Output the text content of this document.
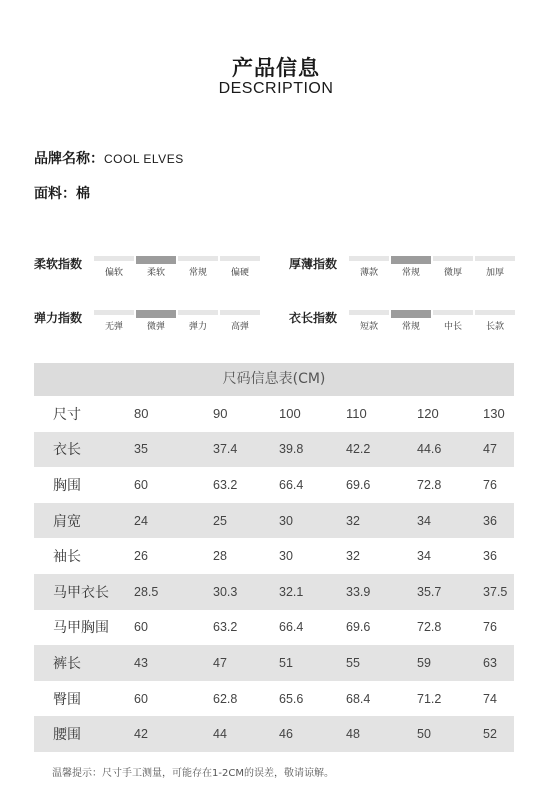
产品信息
DESCRIPTION
品牌名称：COOL ELVES
面料：棉
柔软指数
偏软	柔软	常规	偏硬
厚薄指数
薄款	常规	微厚	加厚
弹力指数
无弹	微弹	弹力	高弹
衣长指数
短款	常规	中长	长款
尺码信息表(CM)
尺寸	80	90	100	110	120	130
衣长	35	37.4	39.8	42.2	44.6	47
胸围	60	63.2	66.4	69.6	72.8	76
肩宽	24	25	30	32	34	36
袖长	26	28	30	32	34	36
马甲衣长	28.5	30.3	32.1	33.9	35.7	37.5
马甲胸围	60	63.2	66.4	69.6	72.8	76
裤长	43	47	51	55	59	63
臀围	60	62.8	65.6	68.4	71.2	74
腰围	42	44	46	48	50	52
温馨提示：尺寸手工测量，可能存在1-2CM的误差，敬请谅解。
